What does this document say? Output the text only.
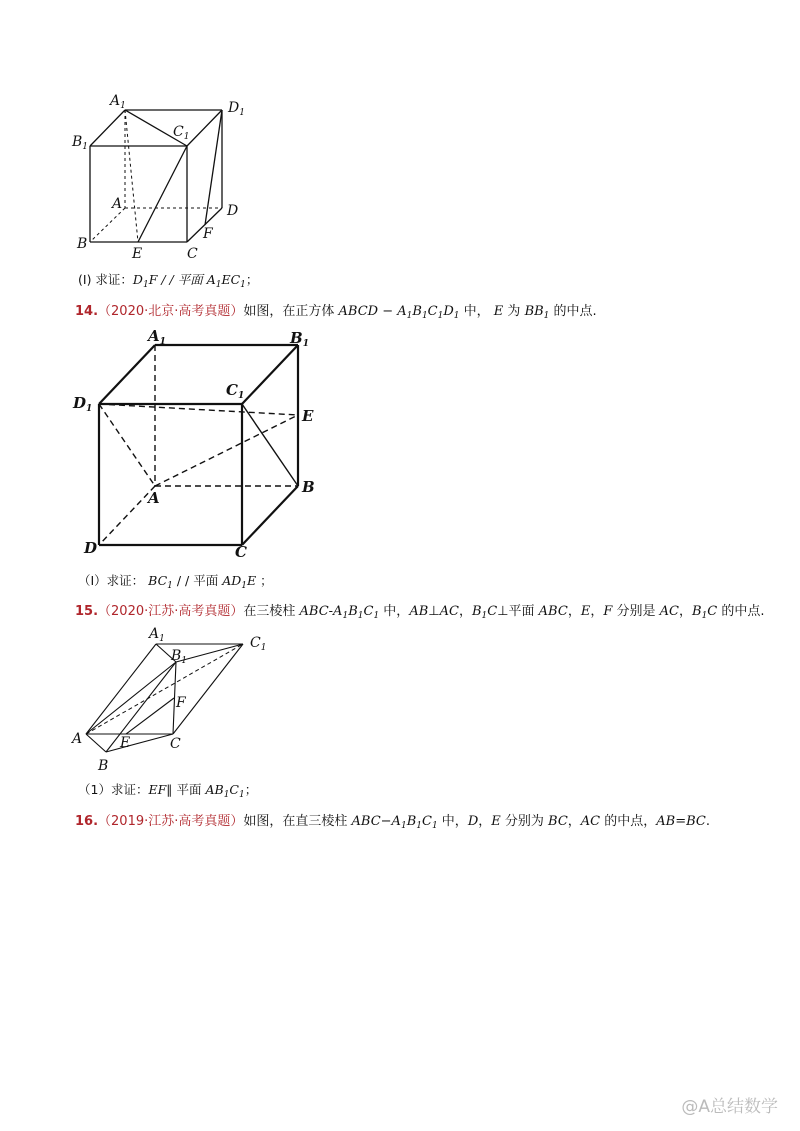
$A_1$	$D_1$
$B_1$
$C_1$
A	D
B
C
E
F
(Ⅰ) 求证：$D_1F$ / / 平面 $A_1EC_1$；
14.（2020·北京·高考真题）如图，在正方体 ABCD − $A_1B_1C_1D_1$ 中， E 为 $BB_1$ 的中点.
$A_1$	$B_1$
$C_1$
$D_1$	E
A
B
D	C
（Ⅰ）求证： $BC_1$ / / 平面 $AD_1E$ ；
15.（2020·江苏·高考真题）在三棱柱 ABC-$A_1B_1C_1$ 中，AB⊥AC，$B_1C\perp$平面 ABC，E，F 分别是 AC，$B_1C$ 的中点.
$A_1$
$B_1$
$C_1$
F
A	E	C
B
（1）求证：EF∥ 平面 $AB_1C_1$；
16.（2019·江苏·高考真题）如图，在直三棱柱 $ABC-A_1B_1C_1$ 中，D，E 分别为 BC，AC 的中点，AB=BC.
@A总结数学
